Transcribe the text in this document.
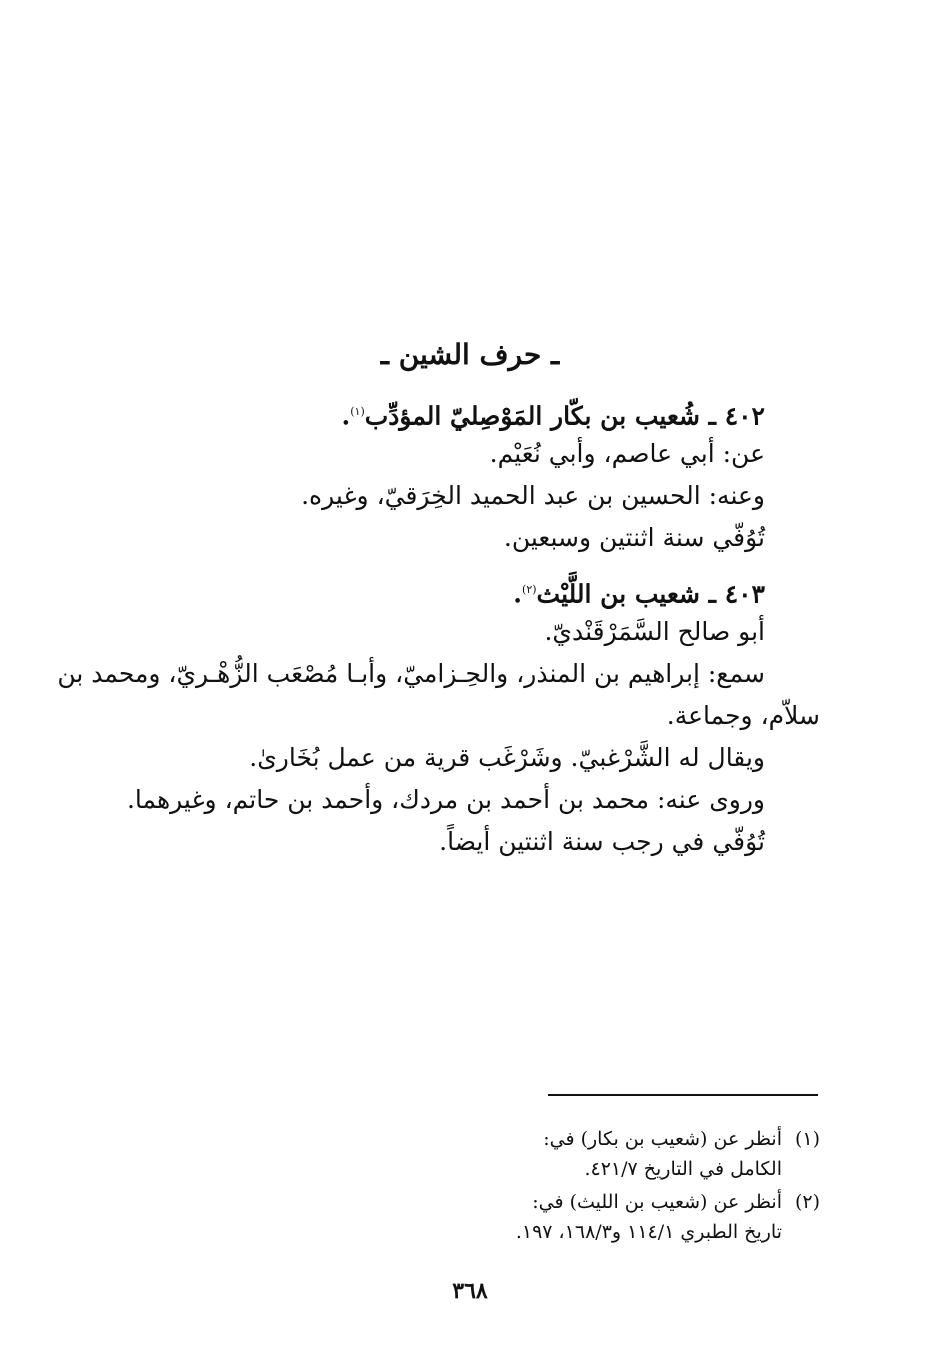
ـ حرف الشين ـ
٤٠٢ ـ شُعيب بن بكّار المَوْصِليّ المؤدِّب$^{(١)}$.
عن: أبي عاصم، وأبي نُعَيْم.
وعنه: الحسين بن عبد الحميد الخِرَقيّ، وغيره.
تُوُفّي سنة اثنتين وسبعين.
٤٠٣ ـ شعيب بن اللَّيْث$^{(٢)}$.
أبو صالح السَّمَرْقَنْديّ.
سمع: إبراهيم بن المنذر، والحِـزاميّ، وأبـا مُصْعَب الزُّهْـريّ، ومحمد بن
سلاّم، وجماعة.
ويقال له الشَّرْغبيّ. وشَرْغَب قرية من عمل بُخَارىٰ.
وروى عنه: محمد بن أحمد بن مردك، وأحمد بن حاتم، وغيرهما.
تُوُفّي في رجب سنة اثنتين أيضاً.
(١)أنظر عن (شعيب بن بكار) في:
الكامل في التاريخ ٤٢١/٧.
(٢)أنظر عن (شعيب بن الليث) في:
تاريخ الطبري ١١٤/١ و١٦٨/٣، ١٩٧.
٣٦٨
